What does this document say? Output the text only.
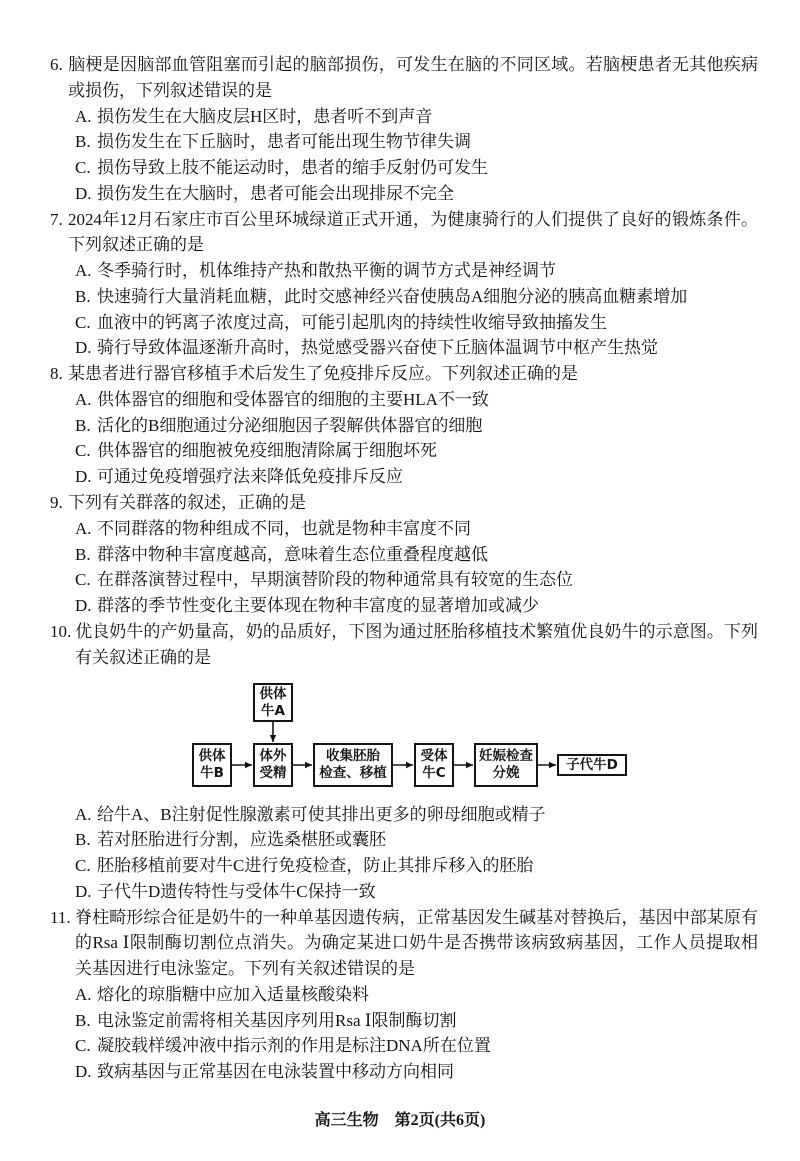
6. 脑梗是因脑部血管阻塞而引起的脑部损伤，可发生在脑的不同区域。若脑梗患者无其他疾病
或损伤，下列叙述错误的是
A. 损伤发生在大脑皮层H区时，患者听不到声音
B. 损伤发生在下丘脑时，患者可能出现生物节律失调
C. 损伤导致上肢不能运动时，患者的缩手反射仍可发生
D. 损伤发生在大脑时，患者可能会出现排尿不完全
7. 2024年12月石家庄市百公里环城绿道正式开通，为健康骑行的人们提供了良好的锻炼条件。
下列叙述正确的是
A. 冬季骑行时，机体维持产热和散热平衡的调节方式是神经调节
B. 快速骑行大量消耗血糖，此时交感神经兴奋使胰岛A细胞分泌的胰高血糖素增加
C. 血液中的钙离子浓度过高，可能引起肌肉的持续性收缩导致抽搐发生
D. 骑行导致体温逐渐升高时，热觉感受器兴奋使下丘脑体温调节中枢产生热觉
8. 某患者进行器官移植手术后发生了免疫排斥反应。下列叙述正确的是
A. 供体器官的细胞和受体器官的细胞的主要HLA不一致
B. 活化的B细胞通过分泌细胞因子裂解供体器官的细胞
C. 供体器官的细胞被免疫细胞清除属于细胞坏死
D. 可通过免疫增强疗法来降低免疫排斥反应
9. 下列有关群落的叙述，正确的是
A. 不同群落的物种组成不同，也就是物种丰富度不同
B. 群落中物种丰富度越高，意味着生态位重叠程度越低
C. 在群落演替过程中，早期演替阶段的物种通常具有较宽的生态位
D. 群落的季节性变化主要体现在物种丰富度的显著增加或减少
10. 优良奶牛的产奶量高，奶的品质好，下图为通过胚胎移植技术繁殖优良奶牛的示意图。下列
有关叙述正确的是
供体
牛A
供体
牛B
体外
受精
收集胚胎
检查、移植
受体
牛C
妊娠检查
分娩
子代牛D
A. 给牛A、B注射促性腺激素可使其排出更多的卵母细胞或精子
B. 若对胚胎进行分割，应选桑椹胚或囊胚
C. 胚胎移植前要对牛C进行免疫检查，防止其排斥移入的胚胎
D. 子代牛D遗传特性与受体牛C保持一致
11. 脊柱畸形综合征是奶牛的一种单基因遗传病，正常基因发生碱基对替换后，基因中部某原有
的Rsa Ⅰ限制酶切割位点消失。为确定某进口奶牛是否携带该病致病基因，工作人员提取相
关基因进行电泳鉴定。下列有关叙述错误的是
A. 熔化的琼脂糖中应加入适量核酸染料
B. 电泳鉴定前需将相关基因序列用Rsa Ⅰ限制酶切割
C. 凝胶载样缓冲液中指示剂的作用是标注DNA所在位置
D. 致病基因与正常基因在电泳装置中移动方向相同
高三生物　第2页(共6页)
